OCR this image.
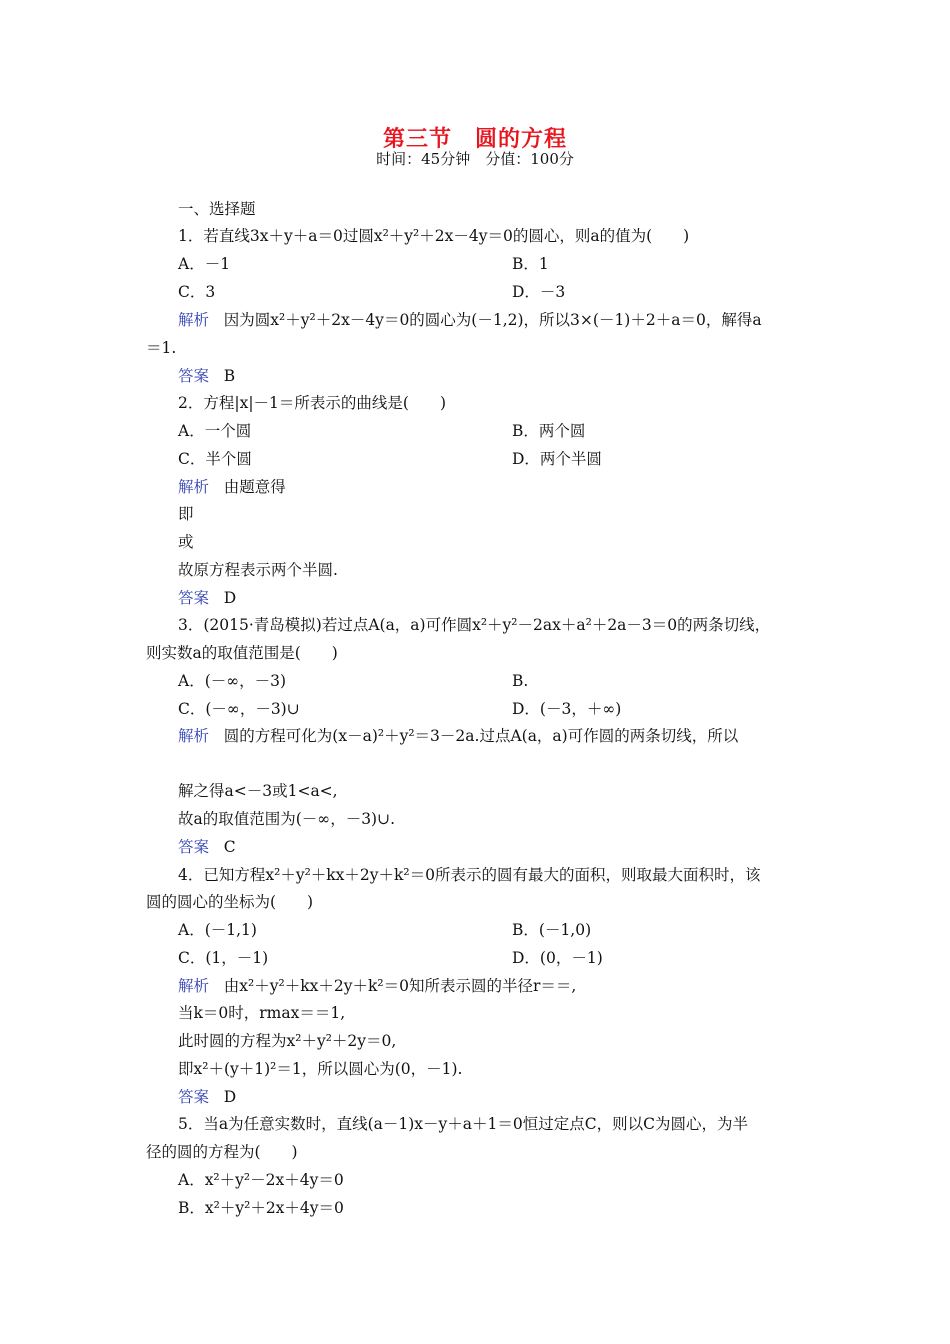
第三节　圆的方程
时间：45分钟　分值：100分
一、选择题
1．若直线3x＋y＋a＝0过圆x²＋y²＋2x－4y＝0的圆心，则a的值为(　　)
A．－1	B．1
C．3	D．－3
解析 因为圆x²＋y²＋2x－4y＝0的圆心为(－1,2)，所以3×(－1)＋2＋a＝0，解得a
＝1.
答案 B
2．方程|x|－1＝所表示的曲线是(　　)
A．一个圆	B．两个圆
C．半个圆	D．两个半圆
解析 由题意得
即
或
故原方程表示两个半圆.
答案 D
3．(2015·青岛模拟)若过点A(a，a)可作圆x²＋y²－2ax＋a²＋2a－3＝0的两条切线，
则实数a的取值范围是(　　)
A．(－∞，－3)	B.
C．(－∞，－3)∪	D．(－3，＋∞)
解析 圆的方程可化为(x－a)²＋y²＝3－2a.过点A(a，a)可作圆的两条切线，所以
解之得a<－3或1<a<,
故a的取值范围为(－∞，－3)∪.
答案 C
4．已知方程x²＋y²＋kx＋2y＋k²＝0所表示的圆有最大的面积，则取最大面积时，该
圆的圆心的坐标为(　　)
A．(－1,1)	B．(－1,0)
C．(1，－1)	D．(0，－1)
解析 由x²＋y²＋kx＋2y＋k²＝0知所表示圆的半径r＝＝,
当k＝0时，rmax＝＝1,
此时圆的方程为x²＋y²＋2y＝0,
即x²＋(y＋1)²＝1，所以圆心为(0，－1).
答案 D
5．当a为任意实数时，直线(a－1)x－y＋a＋1＝0恒过定点C，则以C为圆心，为半
径的圆的方程为(　　)
A．x²＋y²－2x＋4y＝0
B．x²＋y²＋2x＋4y＝0
